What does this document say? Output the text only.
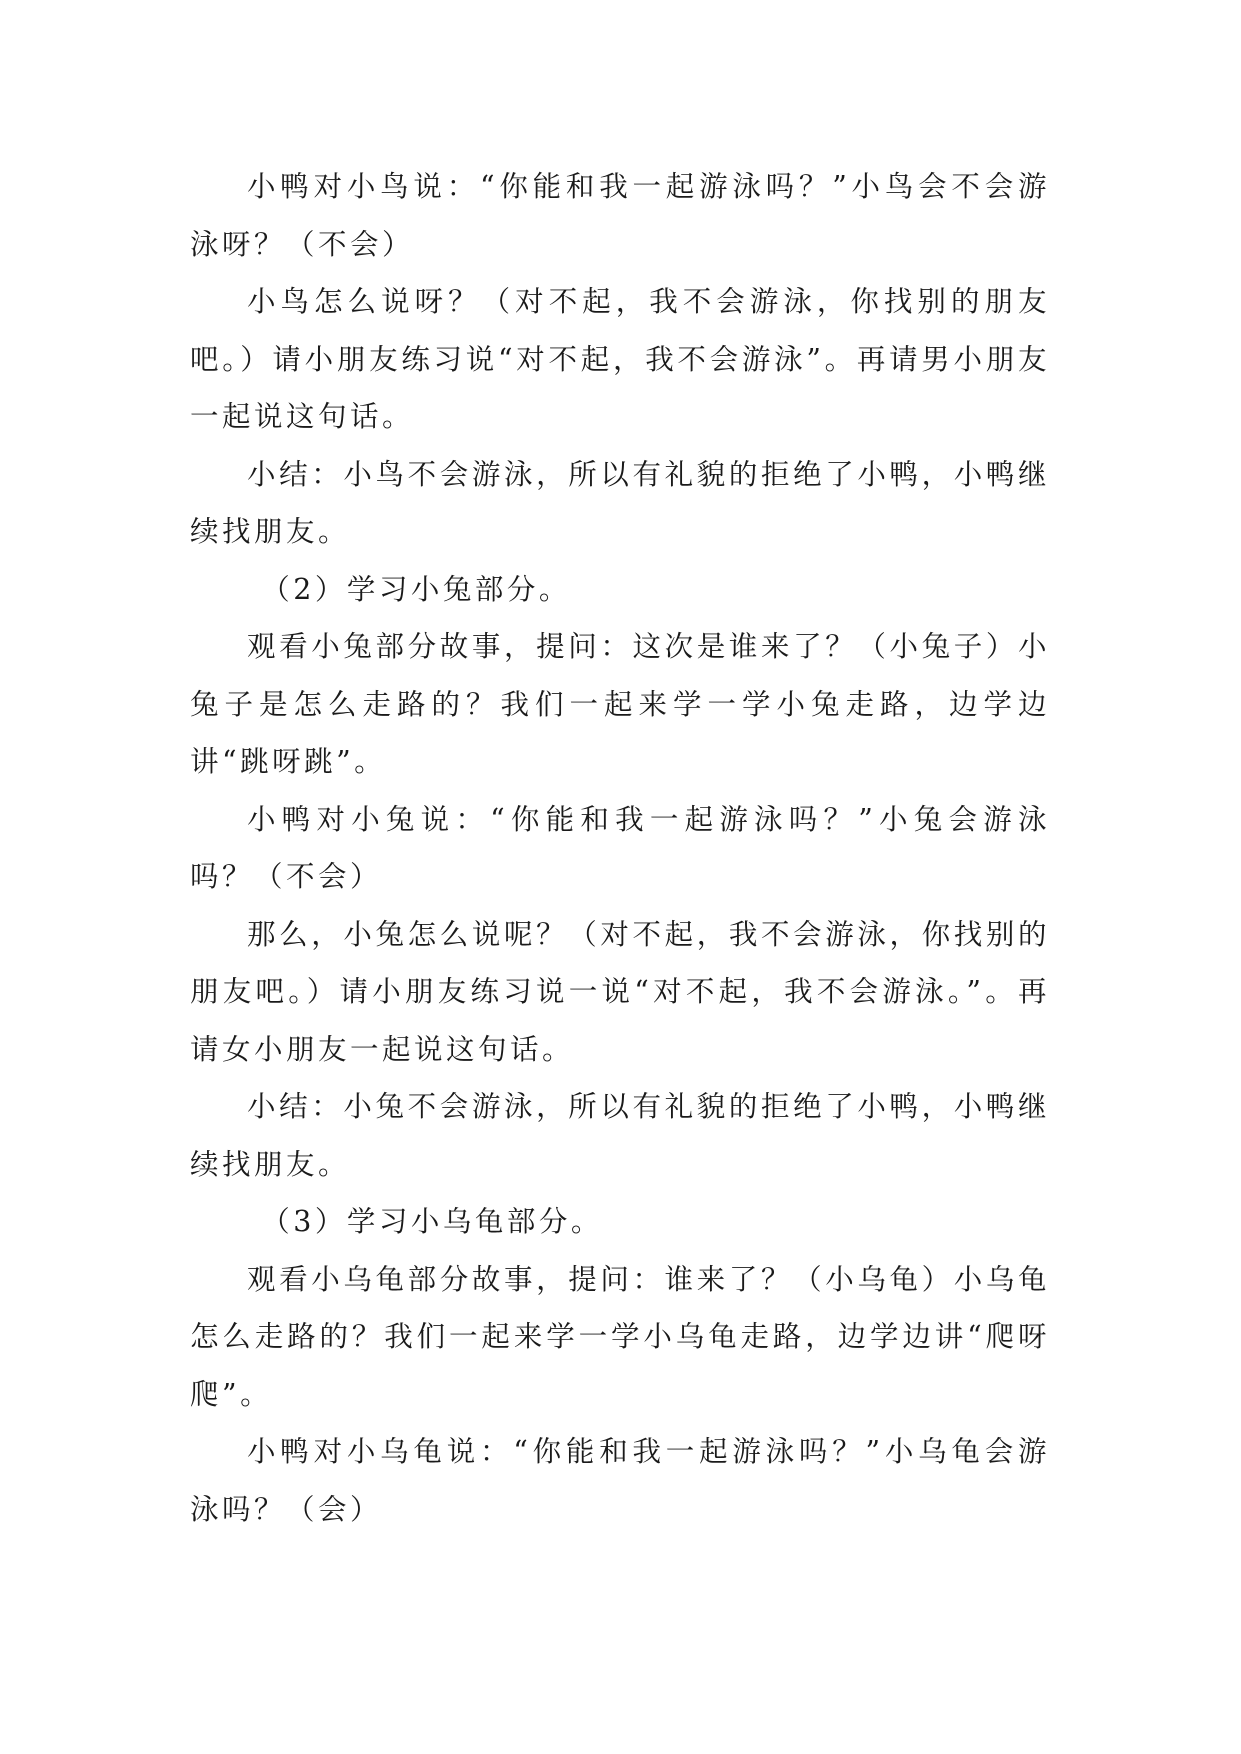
小鸭对小鸟说：“你能和我一起游泳吗？”小鸟会不会游泳呀？（不会）

小鸟怎么说呀？（对不起，我不会游泳，你找别的朋友吧。）请小朋友练习说“对不起，我不会游泳”。再请男小朋友一起说这句话。

小结：小鸟不会游泳，所以有礼貌的拒绝了小鸭，小鸭继续找朋友。

（2）学习小兔部分。

观看小兔部分故事，提问：这次是谁来了？（小兔子）小兔子是怎么走路的？我们一起来学一学小兔走路，边学边讲“跳呀跳”。

小鸭对小兔说：“你能和我一起游泳吗？”小兔会游泳吗？（不会）

那么，小兔怎么说呢？（对不起，我不会游泳，你找别的朋友吧。）请小朋友练习说一说“对不起，我不会游泳。”。再请女小朋友一起说这句话。

小结：小兔不会游泳，所以有礼貌的拒绝了小鸭，小鸭继续找朋友。

（3）学习小乌龟部分。

观看小乌龟部分故事，提问：谁来了？（小乌龟）小乌龟怎么走路的？我们一起来学一学小乌龟走路，边学边讲“爬呀爬”。

小鸭对小乌龟说：“你能和我一起游泳吗？”小乌龟会游泳吗？（会）
